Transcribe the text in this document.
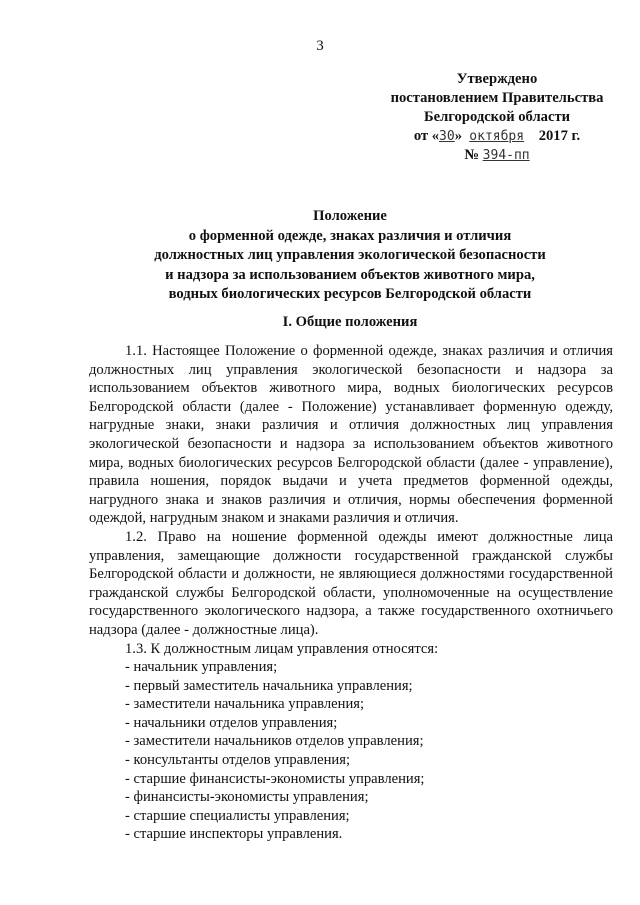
3
Утверждено
постановлением Правительства
Белгородской области
от «30» октября 2017 г.
№ 394-пп
Положение
о форменной одежде, знаках различия и отличия
должностных лиц управления экологической безопасности
и надзора за использованием объектов животного мира,
водных биологических ресурсов Белгородской области
I. Общие положения

1.1. Настоящее Положение о форменной одежде, знаках различия и отличия должностных лиц управления экологической безопасности и надзора за использованием объектов животного мира, водных биологических ресурсов Белгородской области (далее - Положение) устанавливает форменную одежду, нагрудные знаки, знаки различия и отличия должностных лиц управления экологической безопасности и надзора за использованием объектов животного мира, водных биологических ресурсов Белгородской области (далее - управление), правила ношения, порядок выдачи и учета предметов форменной одежды, нагрудного знака и знаков различия и отличия, нормы обеспечения форменной одеждой, нагрудным знаком и знаками различия и отличия.

1.2. Право на ношение форменной одежды имеют должностные лица управления, замещающие должности государственной гражданской службы Белгородской области и должности, не являющиеся должностями государственной гражданской службы Белгородской области, уполномоченные на осуществление государственного экологического надзора, а также государственного охотничьего надзора (далее - должностные лица).

1.3. К должностным лицам управления относятся:

- начальник управления;
- первый заместитель начальника управления;
- заместители начальника управления;
- начальники отделов управления;
- заместители начальников отделов управления;
- консультанты отделов управления;
- старшие финансисты-экономисты управления;
- финансисты-экономисты управления;
- старшие специалисты управления;
- старшие инспекторы управления.
